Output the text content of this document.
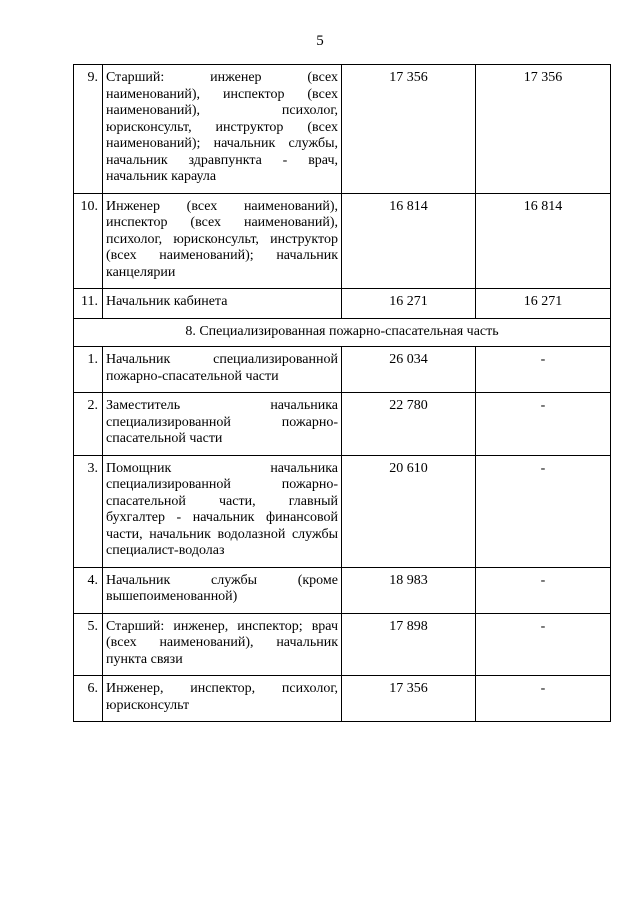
5
9.	Старший: инженер (всех наименований), инспектор (всех наименований), психолог, юрисконсульт, инструктор (всех наименований); начальник службы, начальник здравпункта - врач, начальник караула	17 356	17 356
10.	Инженер (всех наименований), инспектор (всех наименований), психолог, юрисконсульт, инструктор (всех наименований); начальник канцелярии	16 814	16 814
11.	Начальник кабинета	16 271	16 271
8. Специализированная пожарно-спасательная часть			
1.	Начальник специализированной пожарно-спасательной части	26 034	-
2.	Заместитель начальника специализированной пожарно-спасательной части	22 780	-
3.	Помощник начальника специализированной пожарно-спасательной части, главный бухгалтер - начальник финансовой части, начальник водолазной службы специалист-водолаз	20 610	-
4.	Начальник службы (кроме вышепоименованной)	18 983	-
5.	Старший: инженер, инспектор; врач (всех наименований), начальник пункта связи	17 898	-
6.	Инженер, инспектор, психолог, юрисконсульт	17 356	-
